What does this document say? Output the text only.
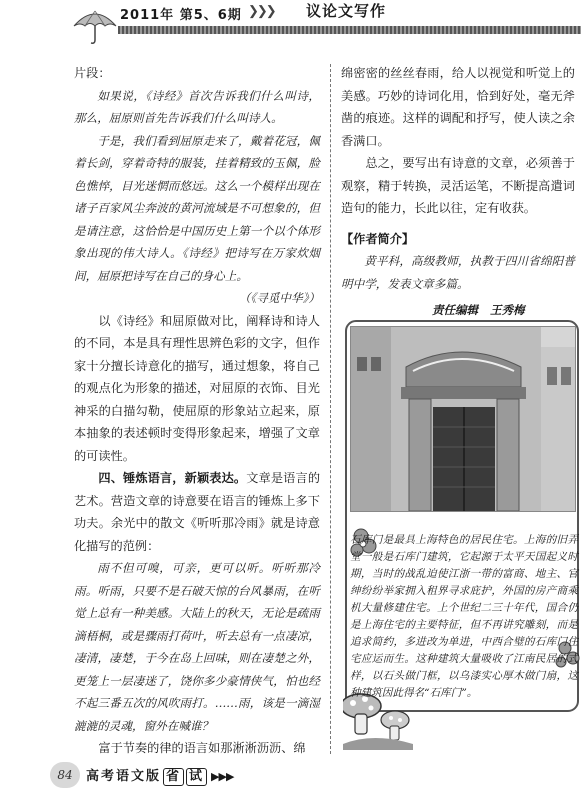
2011年 第5、6期 ❯❯❯ 议论文写作

片段：

如果说，《诗经》首次告诉我们什么叫诗，那么，屈原则首先告诉我们什么叫诗人。

于是，我们看到屈原走来了，戴着花冠，佩着长剑，穿着奇特的服装，挂着精致的玉佩，脸色憔悴，目光迷惘而悠远。这么一个模样出现在诸子百家风尘奔波的黄河流域是不可想象的，但是请注意，这恰恰是中国历史上第一个以个体形象出现的伟大诗人。《诗经》把诗写在万家炊烟间，屈原把诗写在自己的身心上。

（《寻觅中华》）

以《诗经》和屈原做对比，阐释诗和诗人的不同，本是具有理性思辨色彩的文字，但作家十分擅长诗意化的描写，通过想象，将自己的观点化为形象的描述，对屈原的衣饰、目光神采的白描勾勒，使屈原的形象站立起来，原本抽象的表述顿时变得形象起来，增强了文章的可读性。

四、锤炼语言，新颖表达。文章是语言的艺术。营造文章的诗意要在语言的锤炼上多下功夫。余光中的散文《听听那冷雨》就是诗意化描写的范例：

雨不但可嗅，可亲，更可以听。听听那冷雨。听雨，只要不是石破天惊的台风暴雨，在听觉上总有一种美感。大陆上的秋天，无论是疏雨滴梧桐，或是骤雨打荷叶，听去总有一点凄凉，凄清，凄楚，于今在岛上回味，则在凄楚之外，更笼上一层凄迷了，饶你多少豪情侠气，怕也经不起三番五次的风吹雨打。……雨，该是一滴湿漉漉的灵魂，窗外在喊谁？

富于节奏的律的语言如那淅淅沥沥、绵

绵密密的丝丝春雨，给人以视觉和听觉上的美感。巧妙的诗词化用，恰到好处，毫无斧凿的痕迹。这样的调配和抒写，使人读之余香满口。

总之，要写出有诗意的文章，必须善于观察，精于转换，灵活运笔，不断提高遣词造句的能力，长此以往，定有收获。

【作者简介】

黄平科，高级教师，执教于四川省绵阳普明中学，发表文章多篇。

责任编辑 王秀梅
石库门是最具上海特色的居民住宅。上海的旧弄堂一般是石库门建筑，它起源于太平天国起义时期，当时的战乱迫使江浙一带的富商、地主、官绅纷纷举家拥入租界寻求庇护，外国的房产商乘机大量修建住宅。上个世纪二三十年代，国合仍是上海住宅的主要特征，但不再讲究雕刻，而是追求简约，多进改为单进，中西合璧的石库门住宅应运而生。这种建筑大量吸收了江南民居的式样，以石头做门框，以乌漆实心厚木做门扇，这种建筑因此得名“石库门”。
84	高考语文版 省 试 ▶▶▶
